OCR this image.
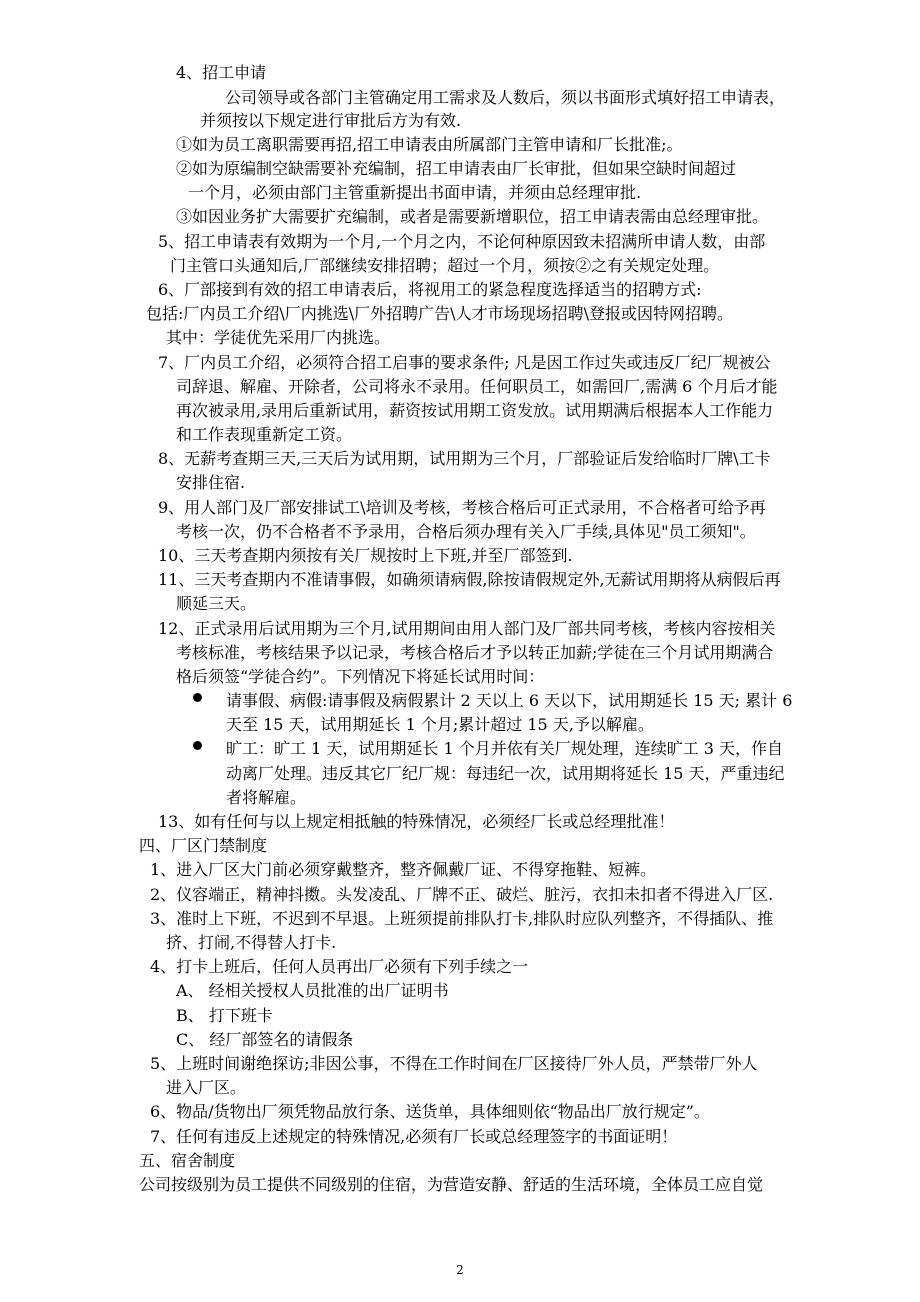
4、招工申请
公司领导或各部门主管确定用工需求及人数后，须以书面形式填好招工申请表，
并须按以下规定进行审批后方为有效.
①如为员工离职需要再招,招工申请表由所属部门主管申请和厂长批准;。
②如为原编制空缺需要补充编制，招工申请表由厂长审批，但如果空缺时间超过
一个月，必须由部门主管重新提出书面申请，并须由总经理审批.
③如因业务扩大需要扩充编制，或者是需要新增职位，招工申请表需由总经理审批。
5、招工申请表有效期为一个月,一个月之内，不论何种原因致未招满所申请人数，由部
门主管口头通知后,厂部继续安排招聘；超过一个月，须按②之有关规定处理。
6、厂部接到有效的招工申请表后，将视用工的紧急程度选择适当的招聘方式:
包括:厂内员工介绍\厂内挑选\厂外招聘广告\人才市场现场招聘\登报或因特网招聘。
其中：学徒优先采用厂内挑选。
7、厂内员工介绍，必须符合招工启事的要求条件; 凡是因工作过失或违反厂纪厂规被公
司辞退、解雇、开除者，公司将永不录用。任何职员工，如需回厂,需满 6 个月后才能
再次被录用,录用后重新试用，薪资按试用期工资发放。试用期满后根据本人工作能力
和工作表现重新定工资。
8、无薪考查期三天,三天后为试用期，试用期为三个月，厂部验证后发给临时厂牌\工卡
安排住宿.
9、用人部门及厂部安排试工\培训及考核，考核合格后可正式录用，不合格者可给予再
考核一次，仍不合格者不予录用，合格后须办理有关入厂手续,具体见"员工须知"。
10、三天考查期内须按有关厂规按时上下班,并至厂部签到.
11、三天考查期内不准请事假，如确须请病假,除按请假规定外,无薪试用期将从病假后再
顺延三天。
12、正式录用后试用期为三个月,试用期间由用人部门及厂部共同考核，考核内容按相关
考核标准，考核结果予以记录，考核合格后才予以转正加薪;学徒在三个月试用期满合
格后须签“学徒合约”。下列情况下将延长试用时间：
请事假、病假:请事假及病假累计 2 天以上 6 天以下，试用期延长 15 天; 累计 6
天至 15 天，试用期延长 1 个月;累计超过 15 天,予以解雇。
旷工：旷工 1 天，试用期延长 1 个月并依有关厂规处理，连续旷工 3 天，作自
动离厂处理。违反其它厂纪厂规：每违纪一次，试用期将延长 15 天，严重违纪
者将解雇。
13、如有任何与以上规定相抵触的特殊情况，必须经厂长或总经理批准！
四、厂区门禁制度
1、进入厂区大门前必须穿戴整齐，整齐佩戴厂证、不得穿拖鞋、短裤。
2、仪容端正，精神抖擞。头发凌乱、厂牌不正、破烂、脏污，衣扣未扣者不得进入厂区.
3、准时上下班，不迟到不早退。上班须提前排队打卡,排队时应队列整齐，不得插队、推
挤、打闹,不得替人打卡.
4、打卡上班后，任何人员再出厂必须有下列手续之一
A、 经相关授权人员批准的出厂证明书
B、 打下班卡
C、 经厂部签名的请假条
5、上班时间谢绝探访;非因公事，不得在工作时间在厂区接待厂外人员，严禁带厂外人
进入厂区。
6、物品/货物出厂须凭物品放行条、送货单，具体细则依“物品出厂放行规定”。
7、任何有违反上述规定的特殊情况,必须有厂长或总经理签字的书面证明！
五、宿舍制度
公司按级别为员工提供不同级别的住宿，为营造安静、舒适的生活环境，全体员工应自觉
2
